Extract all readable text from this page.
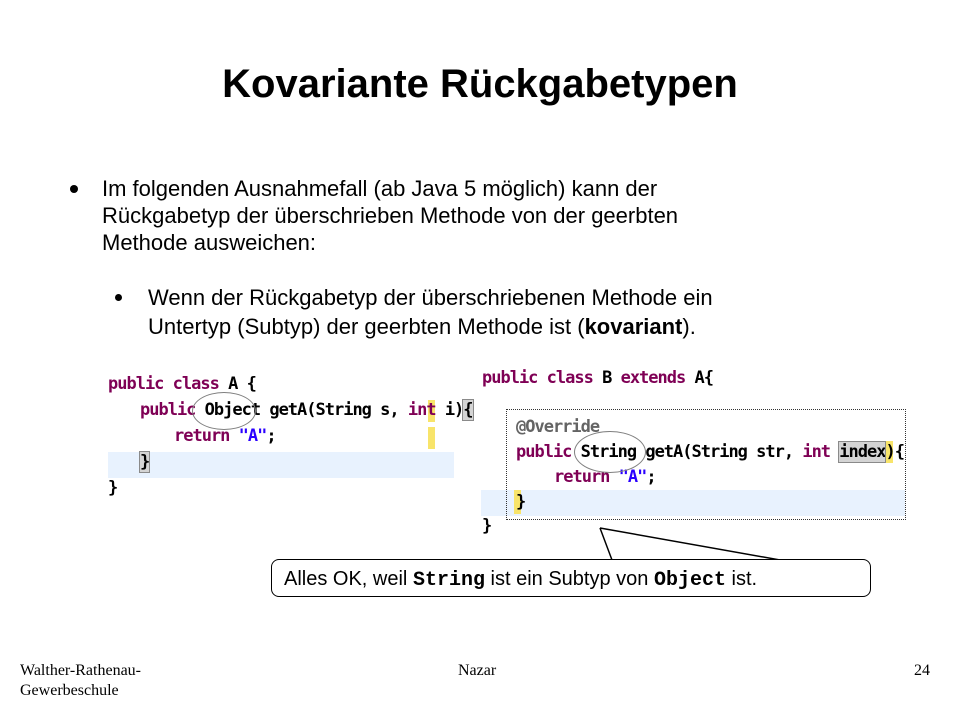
Kovariante Rückgabetypen
Im folgenden Ausnahmefall (ab Java 5 möglich) kann der
Rückgabetyp der überschrieben Methode von der geerbten
Methode ausweichen:
Wenn der Rückgabetyp der überschriebenen Methode ein
Untertyp (Subtyp) der geerbten Methode ist (kovariant).
public class A {
public Object getA(String s, int i){
return "A";
}
}
public class B extends A{
@Override
public String getA(String str, int index){
return "A";
}
}
Alles OK, weil String ist ein Subtyp von Object ist.
Walther-Rathenau-
Gewerbeschule
Nazar	24
